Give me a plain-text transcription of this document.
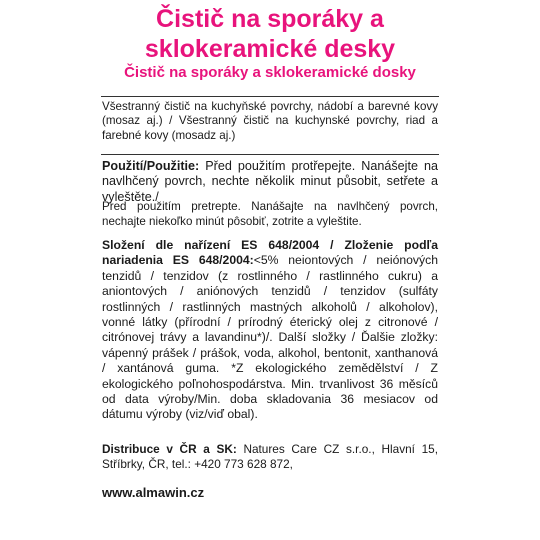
Čistič na sporáky a sklokeramické desky
Čistič na sporáky a sklokeramické dosky

Všestranný čistič na kuchyňské povrchy, nádobí a barevné kovy (mosaz aj.) / Všestranný čistič na kuchynské povrchy, riad a farebné kovy (mosadz aj.)

Použití/Použitie: Před použitím protřepejte. Nanášejte na navlhčený povrch, nechte několik minut působit, setřete a vyleštěte./

Pred použitím pretrepte. Nanášajte na navlhčený povrch, nechajte niekoľko minút pôsobiť, zotrite a vyleštite.

Složení dle nařízení ES 648/2004 / Zloženie podľa nariadenia ES 648/2004:<5% neiontových / neiónových tenzidů / tenzidov (z rostlinného / rastlinného cukru) a aniontových / aniónových tenzidů / tenzidov (sulfáty rostlinných / rastlinných mastných alkoholů / alkoholov), vonné látky (přírodní / prírodný éterický olej z citronové / citrónovej trávy a lavandinu*)/. Další složky / Ďalšie zložky: vápenný prášek / prášok, voda, alkohol, bentonit, xanthanová / xantánová guma. *Z ekologického zemědělství / Z ekologického poľnohospodárstva. Min. trvanlivost 36 měsíců od data výroby/Min. doba skladovania 36 mesiacov od dátumu výroby (viz/viď obal).

Distribuce v ČR a SK: Natures Care CZ s.r.o., Hlavní 15, Stříbrky, ČR, tel.: +420 773 628 872,

www.almawin.cz
